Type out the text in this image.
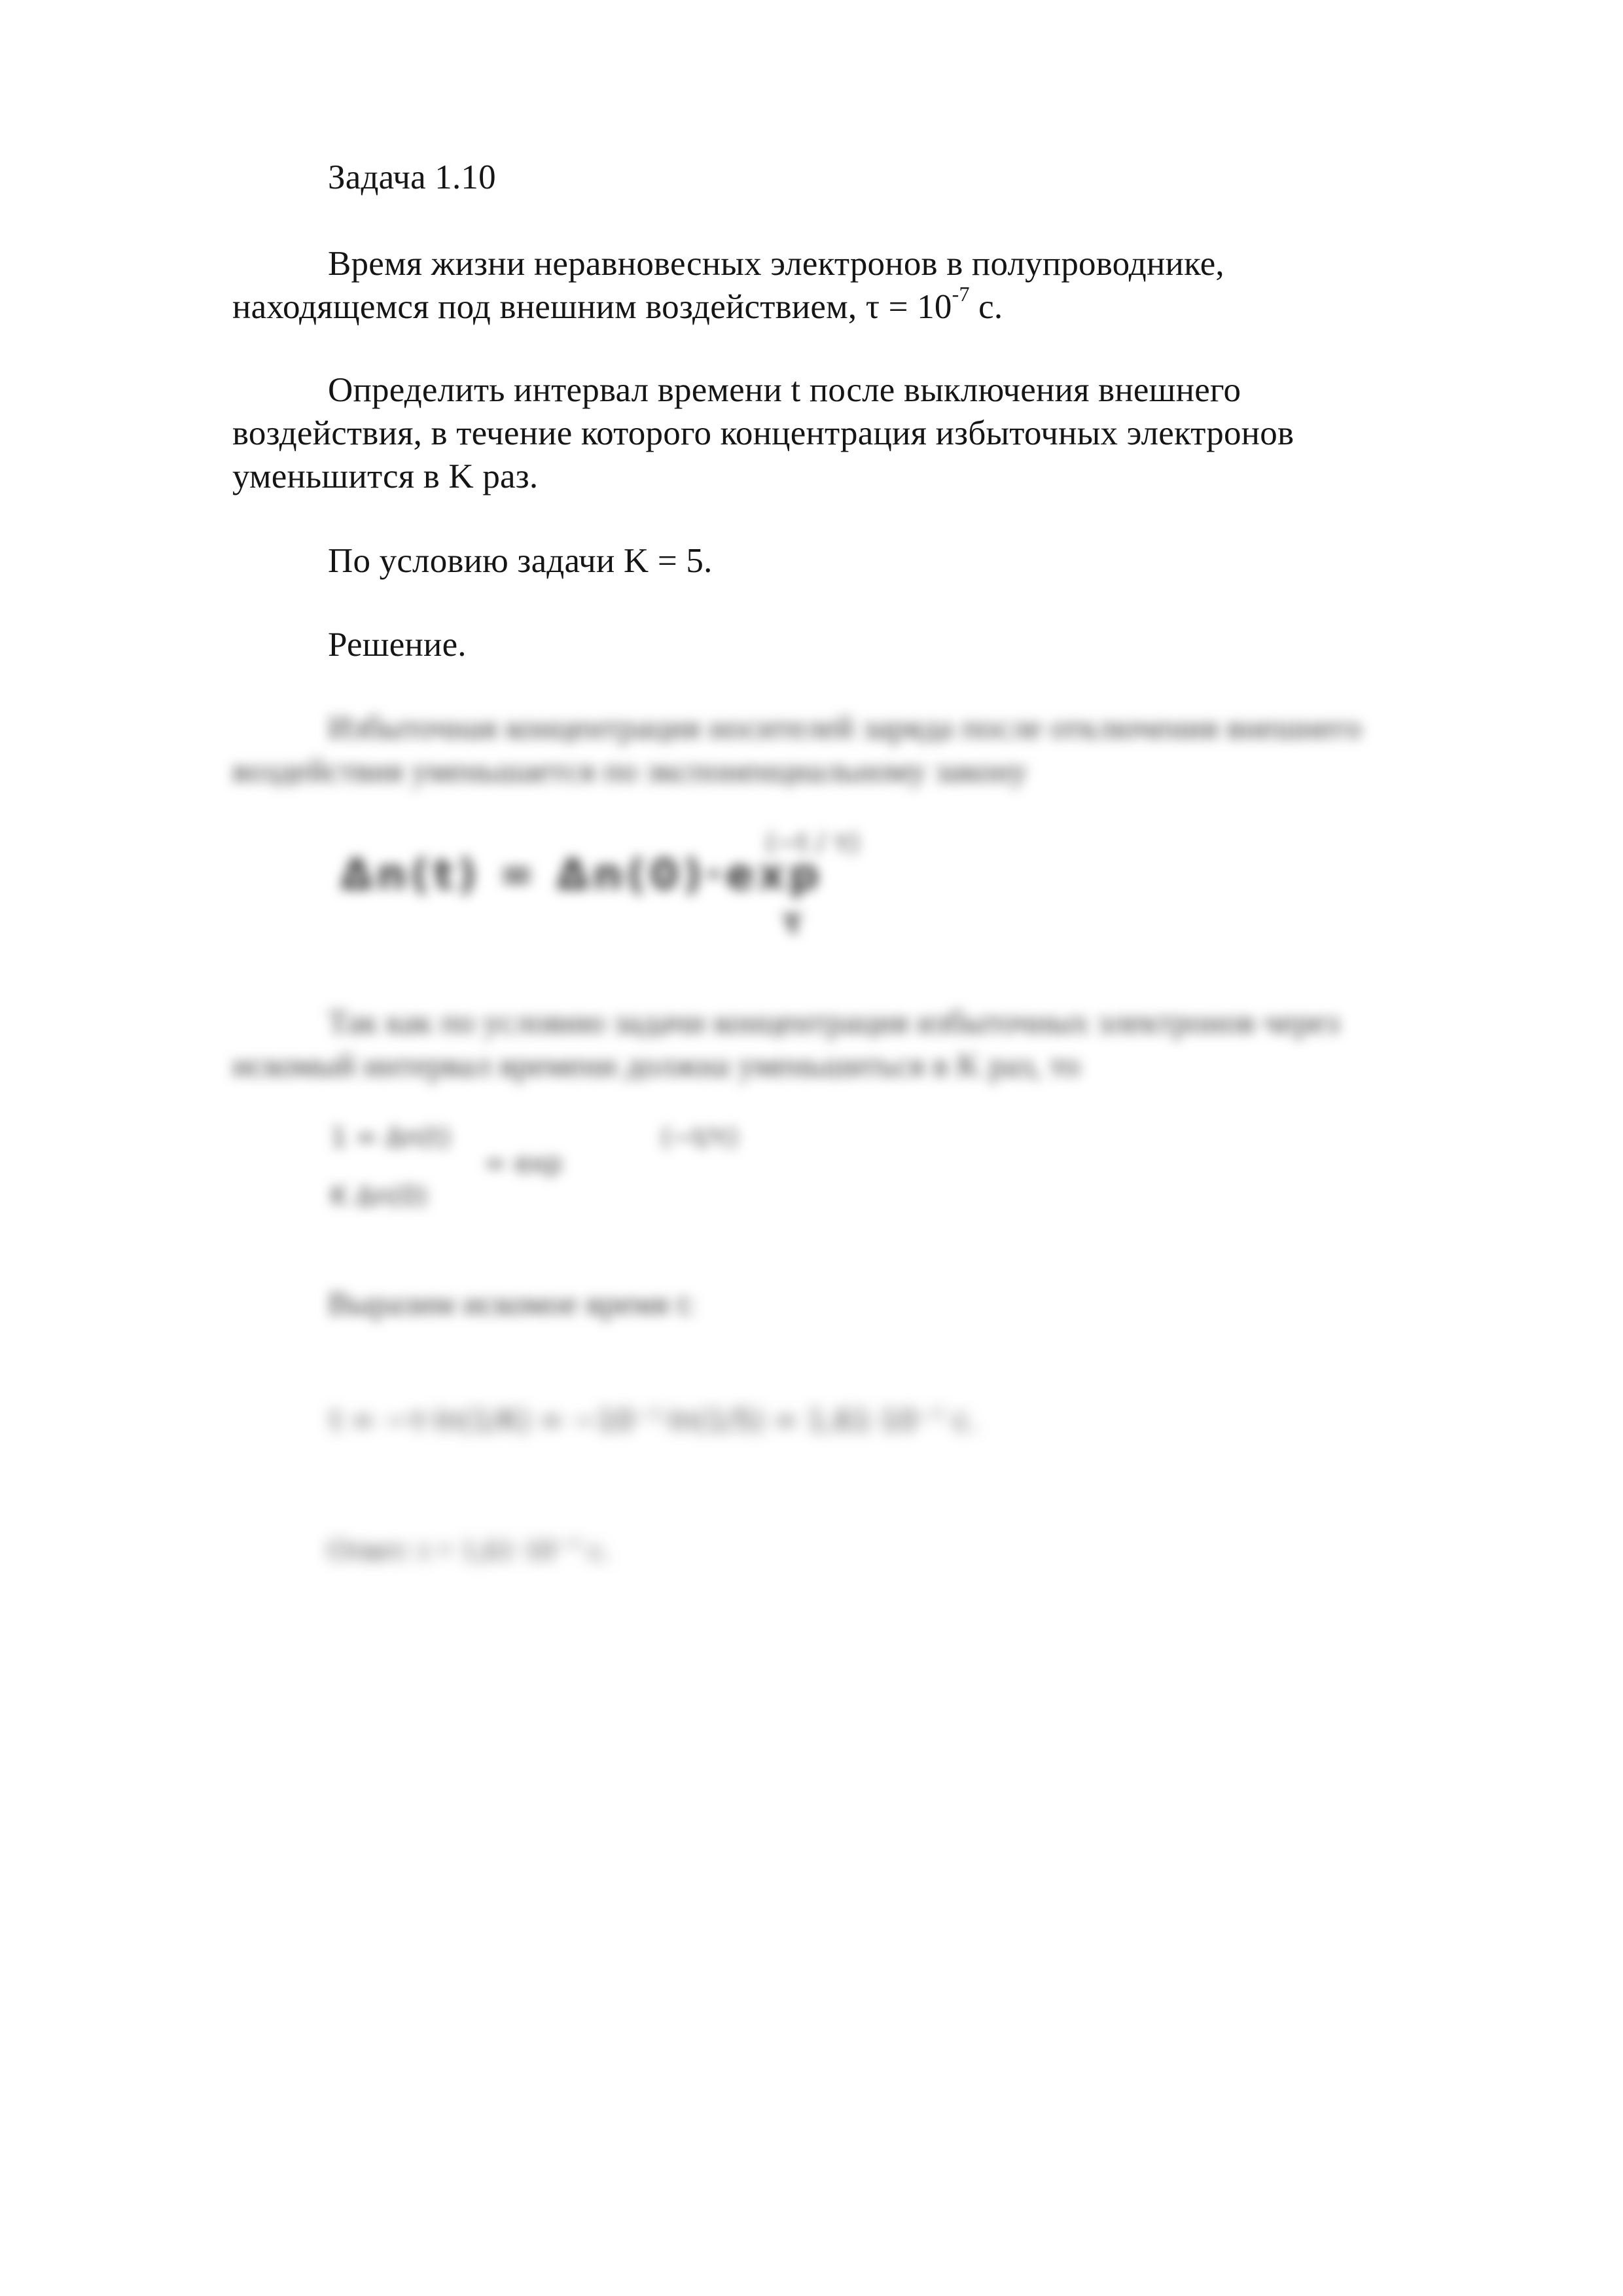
Задача 1.10
Время жизни неравновесных электронов в полупроводнике,
находящемся под внешним воздействием, $\tau = 10^{-7}$ с.
Определить интервал времени t после выключения внешнего
воздействия, в течение которого концентрация избыточных электронов
уменьшится в K раз.
По условию задачи K = 5.
Решение.
Избыточная концентрация носителей заряда после отключения внешнего
воздействия уменьшается по экспоненциальному закону
Δn(t) = Δn(0)·exp
(−t / τ)
τ
Так как по условию задачи концентрация избыточных электронов через
искомый интервал времени должна уменьшиться в K раз, то
1 = Δn(t)
= exp
(−t/τ)
K Δn(0)
Выразим искомое время t:
t = −τ·ln(1/K) = −10⁻⁷·ln(1/5) = 1,61·10⁻⁷ c.
Ответ: t = 1,61·10⁻⁷ c.
